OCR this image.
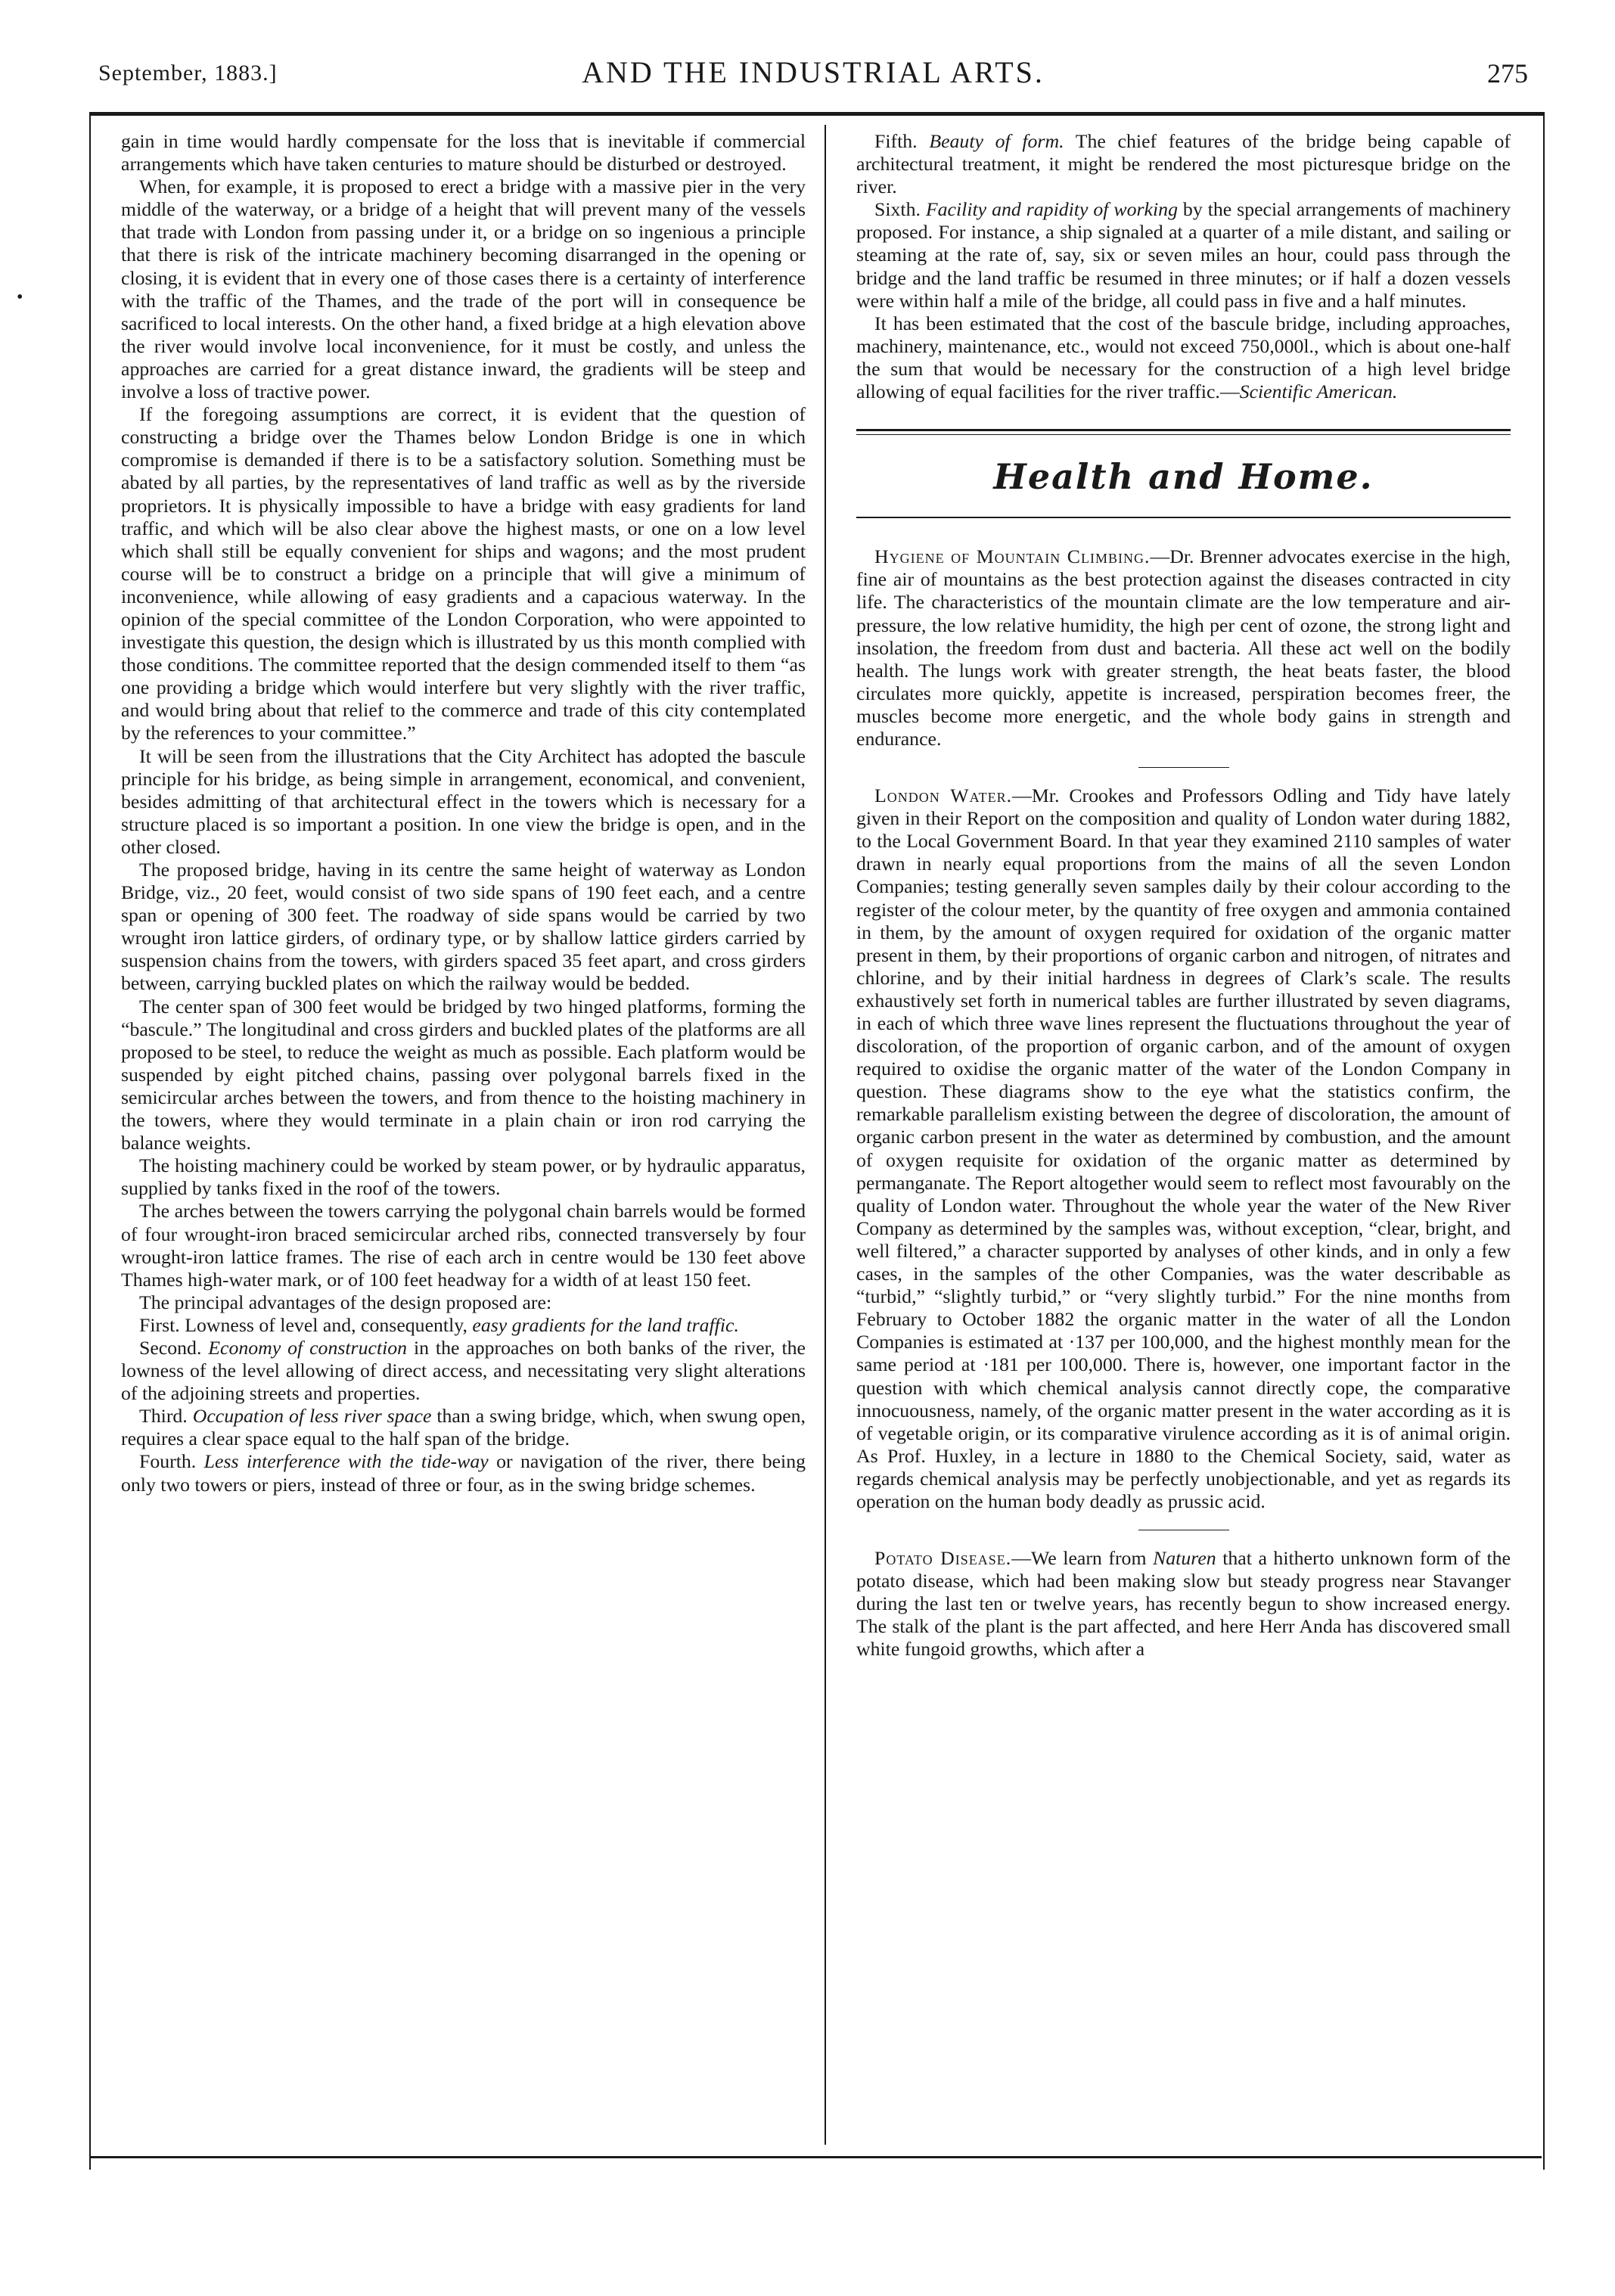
September, 1883.]	AND THE INDUSTRIAL ARTS.	275
•

gain in time would hardly compensate for the loss that is inevitable if commercial arrangements which have taken centuries to mature should be disturbed or destroyed.

When, for example, it is proposed to erect a bridge with a massive pier in the very middle of the waterway, or a bridge of a height that will prevent many of the vessels that trade with London from passing under it, or a bridge on so ingenious a principle that there is risk of the intricate machinery becoming disarranged in the opening or closing, it is evident that in every one of those cases there is a certainty of interference with the traffic of the Thames, and the trade of the port will in consequence be sacrificed to local interests. On the other hand, a fixed bridge at a high elevation above the river would involve local inconvenience, for it must be costly, and unless the approaches are carried for a great distance inward, the gradients will be steep and involve a loss of tractive power.

If the foregoing assumptions are correct, it is evident that the question of constructing a bridge over the Thames below London Bridge is one in which compromise is demanded if there is to be a satisfactory solution. Something must be abated by all parties, by the representatives of land traffic as well as by the riverside proprietors. It is physically impossible to have a bridge with easy gradients for land traffic, and which will be also clear above the highest masts, or one on a low level which shall still be equally convenient for ships and wagons; and the most prudent course will be to construct a bridge on a principle that will give a minimum of inconvenience, while allowing of easy gradients and a capacious waterway. In the opinion of the special committee of the London Corporation, who were appointed to investigate this question, the design which is illustrated by us this month complied with those conditions. The committee reported that the design commended itself to them “as one providing a bridge which would interfere but very slightly with the river traffic, and would bring about that relief to the commerce and trade of this city contemplated by the references to your committee.”

It will be seen from the illustrations that the City Architect has adopted the bascule principle for his bridge, as being simple in arrangement, economical, and convenient, besides admitting of that architectural effect in the towers which is necessary for a structure placed is so important a position. In one view the bridge is open, and in the other closed.

The proposed bridge, having in its centre the same height of waterway as London Bridge, viz., 20 feet, would consist of two side spans of 190 feet each, and a centre span or opening of 300 feet. The roadway of side spans would be carried by two wrought iron lattice girders, of ordinary type, or by shallow lattice girders carried by suspension chains from the towers, with girders spaced 35 feet apart, and cross girders between, carrying buckled plates on which the railway would be bedded.

The center span of 300 feet would be bridged by two hinged platforms, forming the “bascule.” The longitudinal and cross girders and buckled plates of the platforms are all proposed to be steel, to reduce the weight as much as possible. Each platform would be suspended by eight pitched chains, passing over polygonal barrels fixed in the semicircular arches between the towers, and from thence to the hoisting machinery in the towers, where they would terminate in a plain chain or iron rod carrying the balance weights.

The hoisting machinery could be worked by steam power, or by hydraulic apparatus, supplied by tanks fixed in the roof of the towers.

The arches between the towers carrying the polygonal chain barrels would be formed of four wrought-iron braced semicircular arched ribs, connected transversely by four wrought-iron lattice frames. The rise of each arch in centre would be 130 feet above Thames high-water mark, or of 100 feet headway for a width of at least 150 feet.

The principal advantages of the design proposed are:

First. Lowness of level and, consequently, easy gradients for the land traffic.

Second. Economy of construction in the approaches on both banks of the river, the lowness of the level allowing of direct access, and necessitating very slight alterations of the adjoining streets and properties.

Third. Occupation of less river space than a swing bridge, which, when swung open, requires a clear space equal to the half span of the bridge.

Fourth. Less interference with the tide-way or navigation of the river, there being only two towers or piers, instead of three or four, as in the swing bridge schemes.

Fifth. Beauty of form. The chief features of the bridge being capable of architectural treatment, it might be rendered the most picturesque bridge on the river.

Sixth. Facility and rapidity of working by the special arrangements of machinery proposed. For instance, a ship signaled at a quarter of a mile distant, and sailing or steaming at the rate of, say, six or seven miles an hour, could pass through the bridge and the land traffic be resumed in three minutes; or if half a dozen vessels were within half a mile of the bridge, all could pass in five and a half minutes.

It has been estimated that the cost of the bascule bridge, including approaches, machinery, maintenance, etc., would not exceed 750,000l., which is about one-half the sum that would be necessary for the construction of a high level bridge allowing of equal facilities for the river traffic.—Scientific American.

Health and Home.

Hygiene of Mountain Climbing.—Dr. Brenner advocates exercise in the high, fine air of mountains as the best protection against the diseases contracted in city life. The characteristics of the mountain climate are the low temperature and air-pressure, the low relative humidity, the high per cent of ozone, the strong light and insolation, the freedom from dust and bacteria. All these act well on the bodily health. The lungs work with greater strength, the heat beats faster, the blood circulates more quickly, appetite is increased, perspiration becomes freer, the muscles become more energetic, and the whole body gains in strength and endurance.

London Water.—Mr. Crookes and Professors Odling and Tidy have lately given in their Report on the composition and quality of London water during 1882, to the Local Government Board. In that year they examined 2110 samples of water drawn in nearly equal proportions from the mains of all the seven London Companies; testing generally seven samples daily by their colour according to the register of the colour meter, by the quantity of free oxygen and ammonia contained in them, by the amount of oxygen required for oxidation of the organic matter present in them, by their proportions of organic carbon and nitrogen, of nitrates and chlorine, and by their initial hardness in degrees of Clark’s scale. The results exhaustively set forth in numerical tables are further illustrated by seven diagrams, in each of which three wave lines represent the fluctuations throughout the year of discoloration, of the proportion of organic carbon, and of the amount of oxygen required to oxidise the organic matter of the water of the London Company in question. These diagrams show to the eye what the statistics confirm, the remarkable parallelism existing between the degree of discoloration, the amount of organic carbon present in the water as determined by combustion, and the amount of oxygen requisite for oxidation of the organic matter as determined by permanganate. The Report altogether would seem to reflect most favourably on the quality of London water. Throughout the whole year the water of the New River Company as determined by the samples was, without exception, “clear, bright, and well filtered,” a character supported by analyses of other kinds, and in only a few cases, in the samples of the other Companies, was the water describable as “turbid,” “slightly turbid,” or “very slightly turbid.” For the nine months from February to October 1882 the organic matter in the water of all the London Companies is estimated at ·137 per 100,000, and the highest monthly mean for the same period at ·181 per 100,000. There is, however, one important factor in the question with which chemical analysis cannot directly cope, the comparative innocuousness, namely, of the organic matter present in the water according as it is of vegetable origin, or its comparative virulence according as it is of animal origin. As Prof. Huxley, in a lecture in 1880 to the Chemical Society, said, water as regards chemical analysis may be perfectly unobjectionable, and yet as regards its operation on the human body deadly as prussic acid.

Potato Disease.—We learn from Naturen that a hitherto unknown form of the potato disease, which had been making slow but steady progress near Stavanger during the last ten or twelve years, has recently begun to show increased energy. The stalk of the plant is the part affected, and here Herr Anda has discovered small white fungoid growths, which after a
